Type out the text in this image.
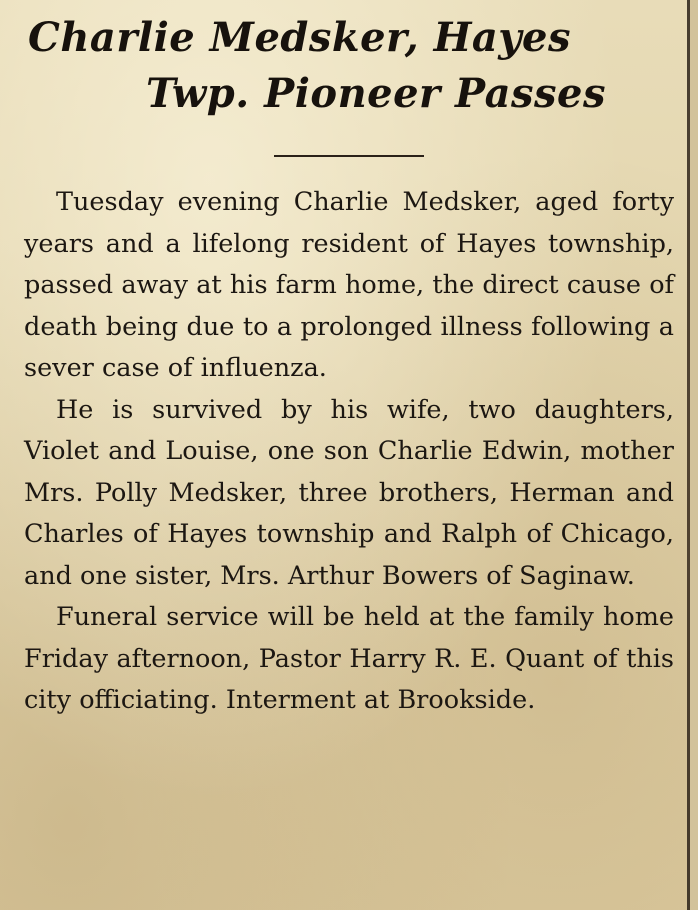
Charlie Medsker, Hayes
Twp. Pioneer Passes

Tuesday evening Charlie Medsker, aged forty years and a lifelong resident of Hayes township, passed away at his farm home, the direct cause of death being due to a prolonged illness following a sever case of influenza.

He is survived by his wife, two daughters, Violet and Louise, one son Charlie Edwin, mother Mrs. Polly Medsker, three brothers, Herman and Charles of Hayes township and Ralph of Chicago, and one sister, Mrs. Arthur Bowers of Saginaw.

Funeral service will be held at the family home Friday afternoon, Pastor Harry R. E. Quant of this city officiating. Interment at Brookside.
